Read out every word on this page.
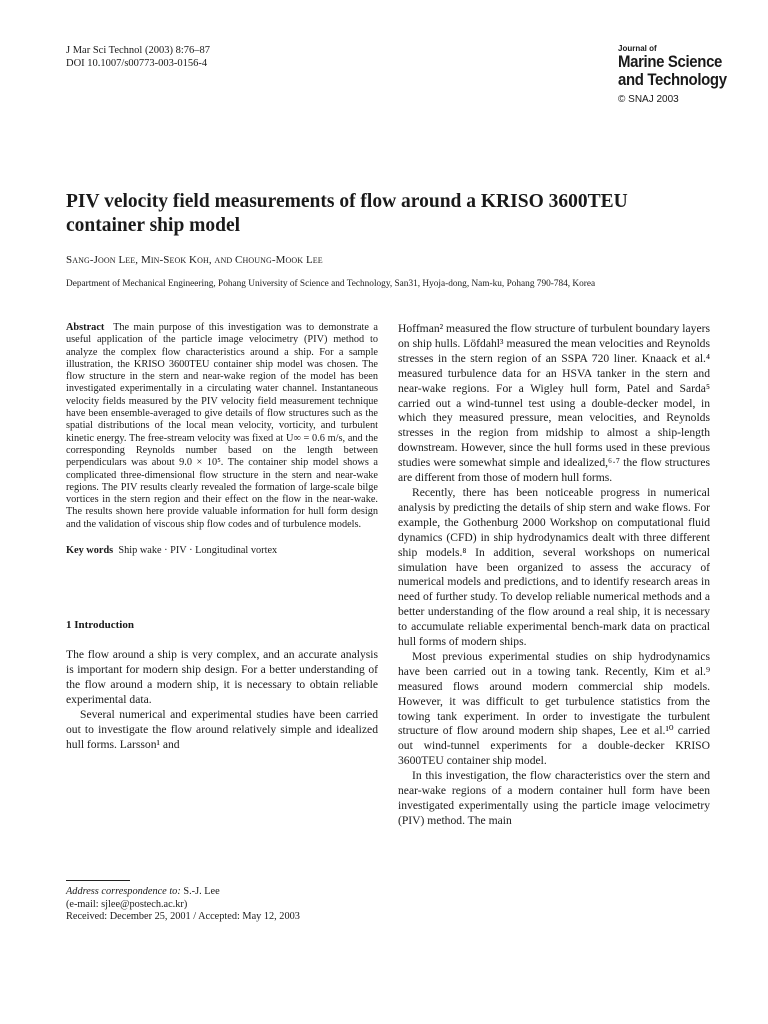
J Mar Sci Technol (2003) 8:76–87
DOI 10.1007/s00773-003-0156-4
Journal of
Marine Science
and Technology
© SNAJ 2003
PIV velocity field measurements of flow around a KRISO 3600TEU container ship model
Sang-Joon Lee, Min-Seok Koh, and Choung-Mook Lee
Department of Mechanical Engineering, Pohang University of Science and Technology, San31, Hyoja-dong, Nam-ku, Pohang 790-784, Korea

Abstract The main purpose of this investigation was to demonstrate a useful application of the particle image velocimetry (PIV) method to analyze the complex flow characteristics around a ship. For a sample illustration, the KRISO 3600TEU container ship model was chosen. The flow structure in the stern and near-wake region of the model has been investigated experimentally in a circulating water channel. Instantaneous velocity fields measured by the PIV velocity field measurement technique have been ensemble-averaged to give details of flow structures such as the spatial distributions of the local mean velocity, vorticity, and turbulent kinetic energy. The free-stream velocity was fixed at U∞ = 0.6 m/s, and the corresponding Reynolds number based on the length between perpendiculars was about 9.0 × 10⁵. The container ship model shows a complicated three-dimensional flow structure in the stern and near-wake regions. The PIV results clearly revealed the formation of large-scale bilge vortices in the stern region and their effect on the flow in the near-wake. The results shown here provide valuable information for hull form design and the validation of viscous ship flow codes and of turbulence models.

Key words Ship wake · PIV · Longitudinal vortex

1 Introduction

The flow around a ship is very complex, and an accurate analysis is important for modern ship design. For a better understanding of the flow around a modern ship, it is necessary to obtain reliable experimental data.

Several numerical and experimental studies have been carried out to investigate the flow around relatively simple and idealized hull forms. Larsson¹ and

Hoffman² measured the flow structure of turbulent boundary layers on ship hulls. Löfdahl³ measured the mean velocities and Reynolds stresses in the stern region of an SSPA 720 liner. Knaack et al.⁴ measured turbulence data for an HSVA tanker in the stern and near-wake regions. For a Wigley hull form, Patel and Sarda⁵ carried out a wind-tunnel test using a double-decker model, in which they measured pressure, mean velocities, and Reynolds stresses in the region from midship to almost a ship-length downstream. However, since the hull forms used in these previous studies were somewhat simple and idealized,⁶·⁷ the flow structures are different from those of modern hull forms.

Recently, there has been noticeable progress in numerical analysis by predicting the details of ship stern and wake flows. For example, the Gothenburg 2000 Workshop on computational fluid dynamics (CFD) in ship hydrodynamics dealt with three different ship models.⁸ In addition, several workshops on numerical simulation have been organized to assess the accuracy of numerical models and predictions, and to identify research areas in need of further study. To develop reliable numerical methods and a better understanding of the flow around a real ship, it is necessary to accumulate reliable experimental bench-mark data on practical hull forms of modern ships.

Most previous experimental studies on ship hydrodynamics have been carried out in a towing tank. Recently, Kim et al.⁹ measured flows around modern commercial ship models. However, it was difficult to get turbulence statistics from the towing tank experiment. In order to investigate the turbulent structure of flow around modern ship shapes, Lee et al.¹⁰ carried out wind-tunnel experiments for a double-decker KRISO 3600TEU container ship model.

In this investigation, the flow characteristics over the stern and near-wake regions of a modern container hull form have been investigated experimentally using the particle image velocimetry (PIV) method. The main

Address correspondence to: S.-J. Lee
(e-mail: sjlee@postech.ac.kr)
Received: December 25, 2001 / Accepted: May 12, 2003
